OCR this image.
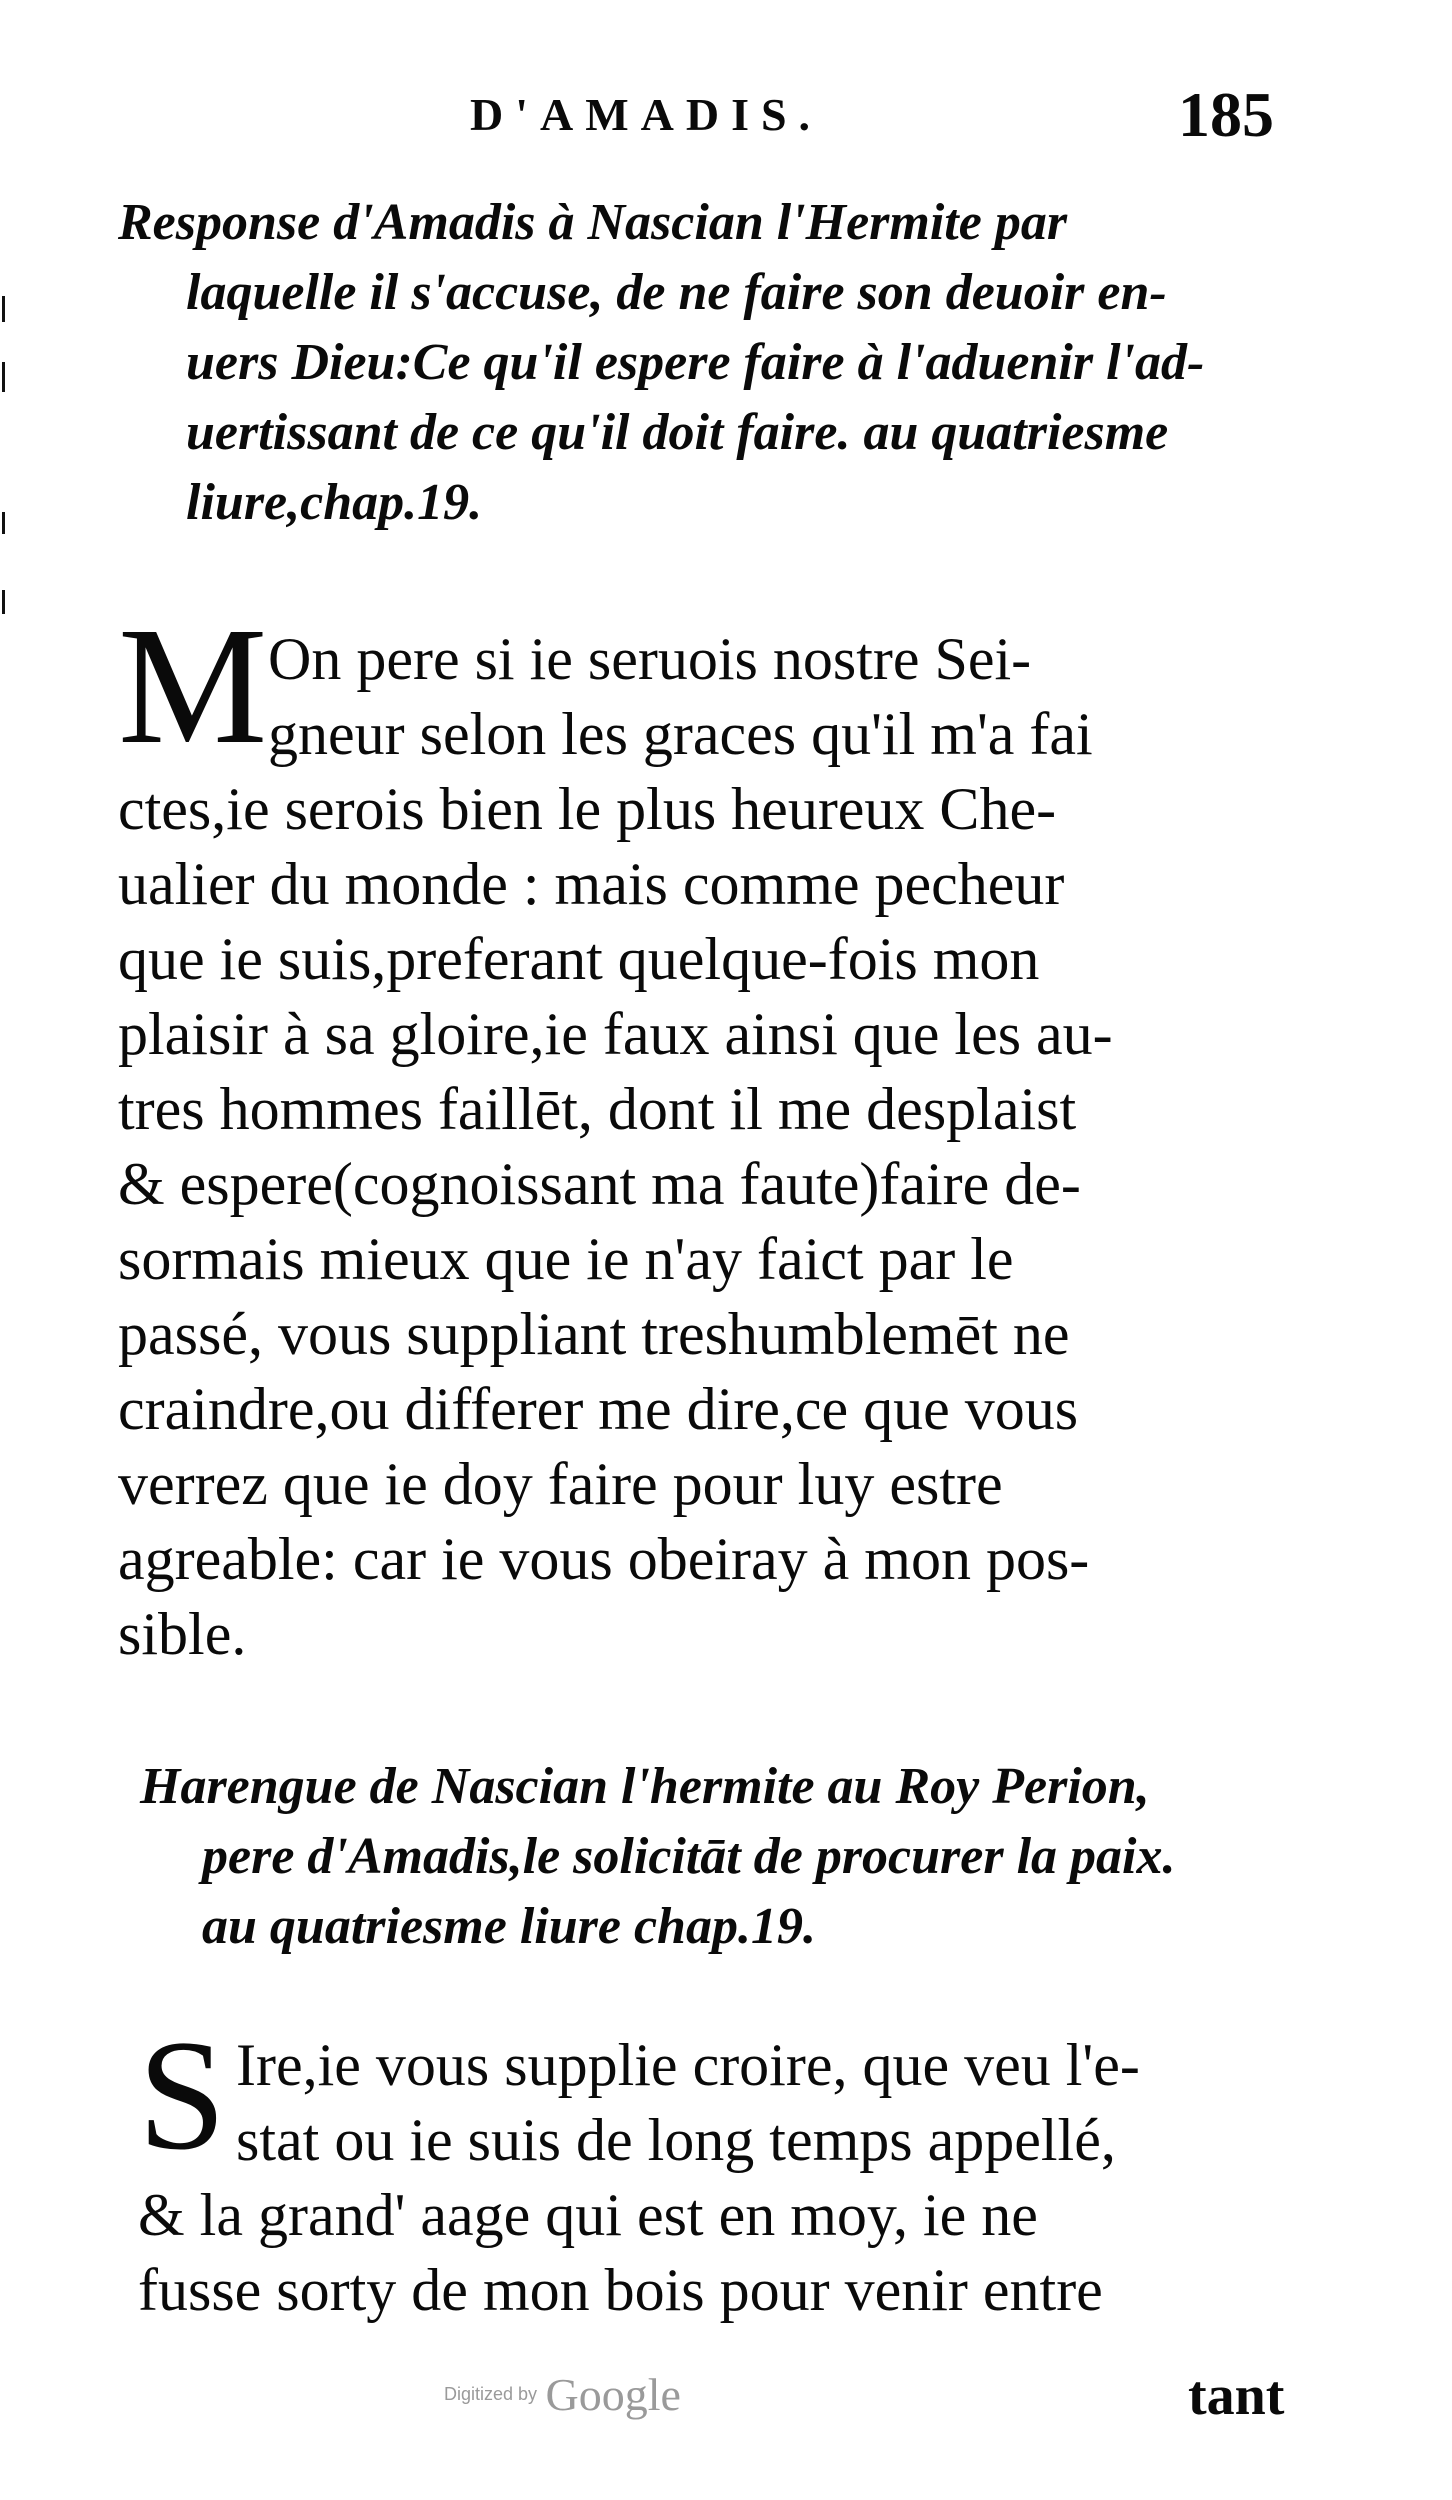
D'AMADIS.	185

Response d'Amadis à Nascian l'Hermite par
laquelle il s'accuse, de ne faire son deuoir en-
uers Dieu:Ce qu'il espere faire à l'aduenir l'ad-
uertissant de ce qu'il doit faire. au quatriesme
liure,chap.19.

M On pere si ie seruois nostre Sei-
gneur selon les graces qu'il m'a fai
ctes,ie serois bien le plus heureux Che-
ualier du monde : mais comme pecheur
que ie suis,preferant quelque-fois mon
plaisir à sa gloire,ie faux ainsi que les au-
tres hommes faillēt, dont il me desplaist
& espere(cognoissant ma faute)faire de-
sormais mieux que ie n'ay faict par le
passé, vous suppliant treshumblemēt ne
craindre,ou differer me dire,ce que vous
verrez que ie doy faire pour luy estre
agreable: car ie vous obeiray à mon pos-
sible.

Harengue de Nascian l'hermite au Roy Perion,
pere d'Amadis,le solicitāt de procurer la paix.
au quatriesme liure chap.19.

S Ire,ie vous supplie croire, que veu l'e-
stat ou ie suis de long temps appellé,
& la grand' aage qui est en moy, ie ne
fusse sorty de mon bois pour venir entre
Digitized by Google	tant
